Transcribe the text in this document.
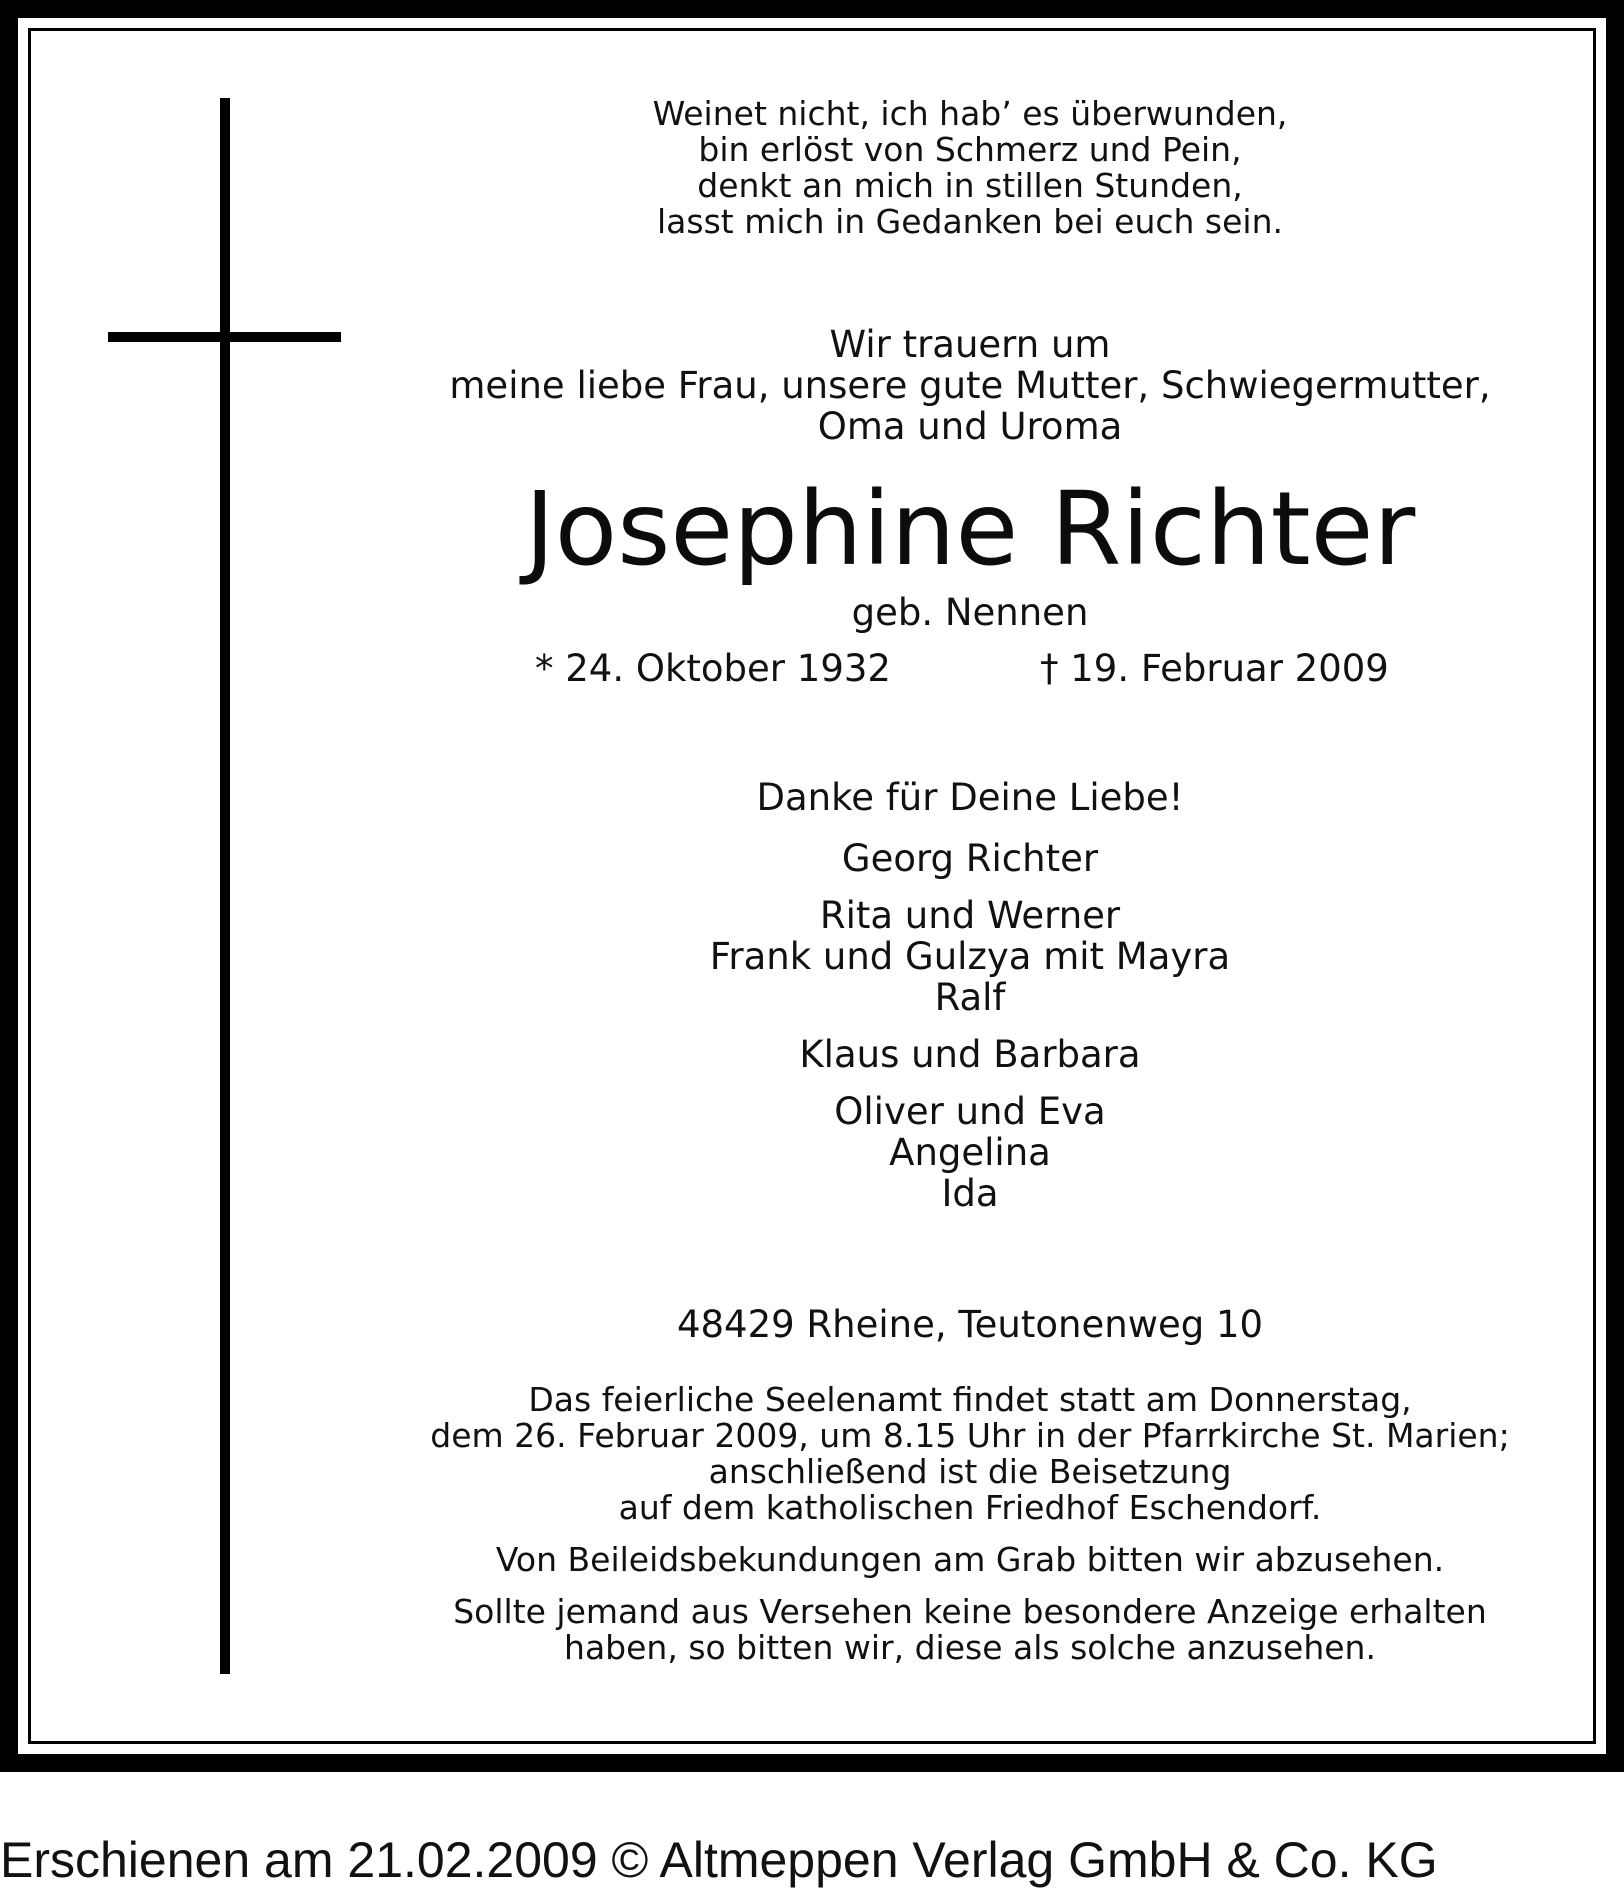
Weinet nicht, ich hab’ es überwunden,
bin erlöst von Schmerz und Pein,
denkt an mich in stillen Stunden,
lasst mich in Gedanken bei euch sein.
Wir trauern um
meine liebe Frau, unsere gute Mutter, Schwiegermutter,
Oma und Uroma
Josephine Richter
geb. Nennen
* 24. Oktober 1932	† 19. Februar 2009
Danke für Deine Liebe!
Georg Richter
Rita und Werner
Frank und Gulzya mit Mayra
Ralf
Klaus und Barbara
Oliver und Eva
Angelina
Ida
48429 Rheine, Teutonenweg 10
Das feierliche Seelenamt findet statt am Donnerstag,
dem 26. Februar 2009, um 8.15 Uhr in der Pfarrkirche St. Marien;
anschließend ist die Beisetzung
auf dem katholischen Friedhof Eschendorf.
Von Beileidsbekundungen am Grab bitten wir abzusehen.
Sollte jemand aus Versehen keine besondere Anzeige erhalten
haben, so bitten wir, diese als solche anzusehen.
Erschienen am 21.02.2009 © Altmeppen Verlag GmbH & Co. KG
